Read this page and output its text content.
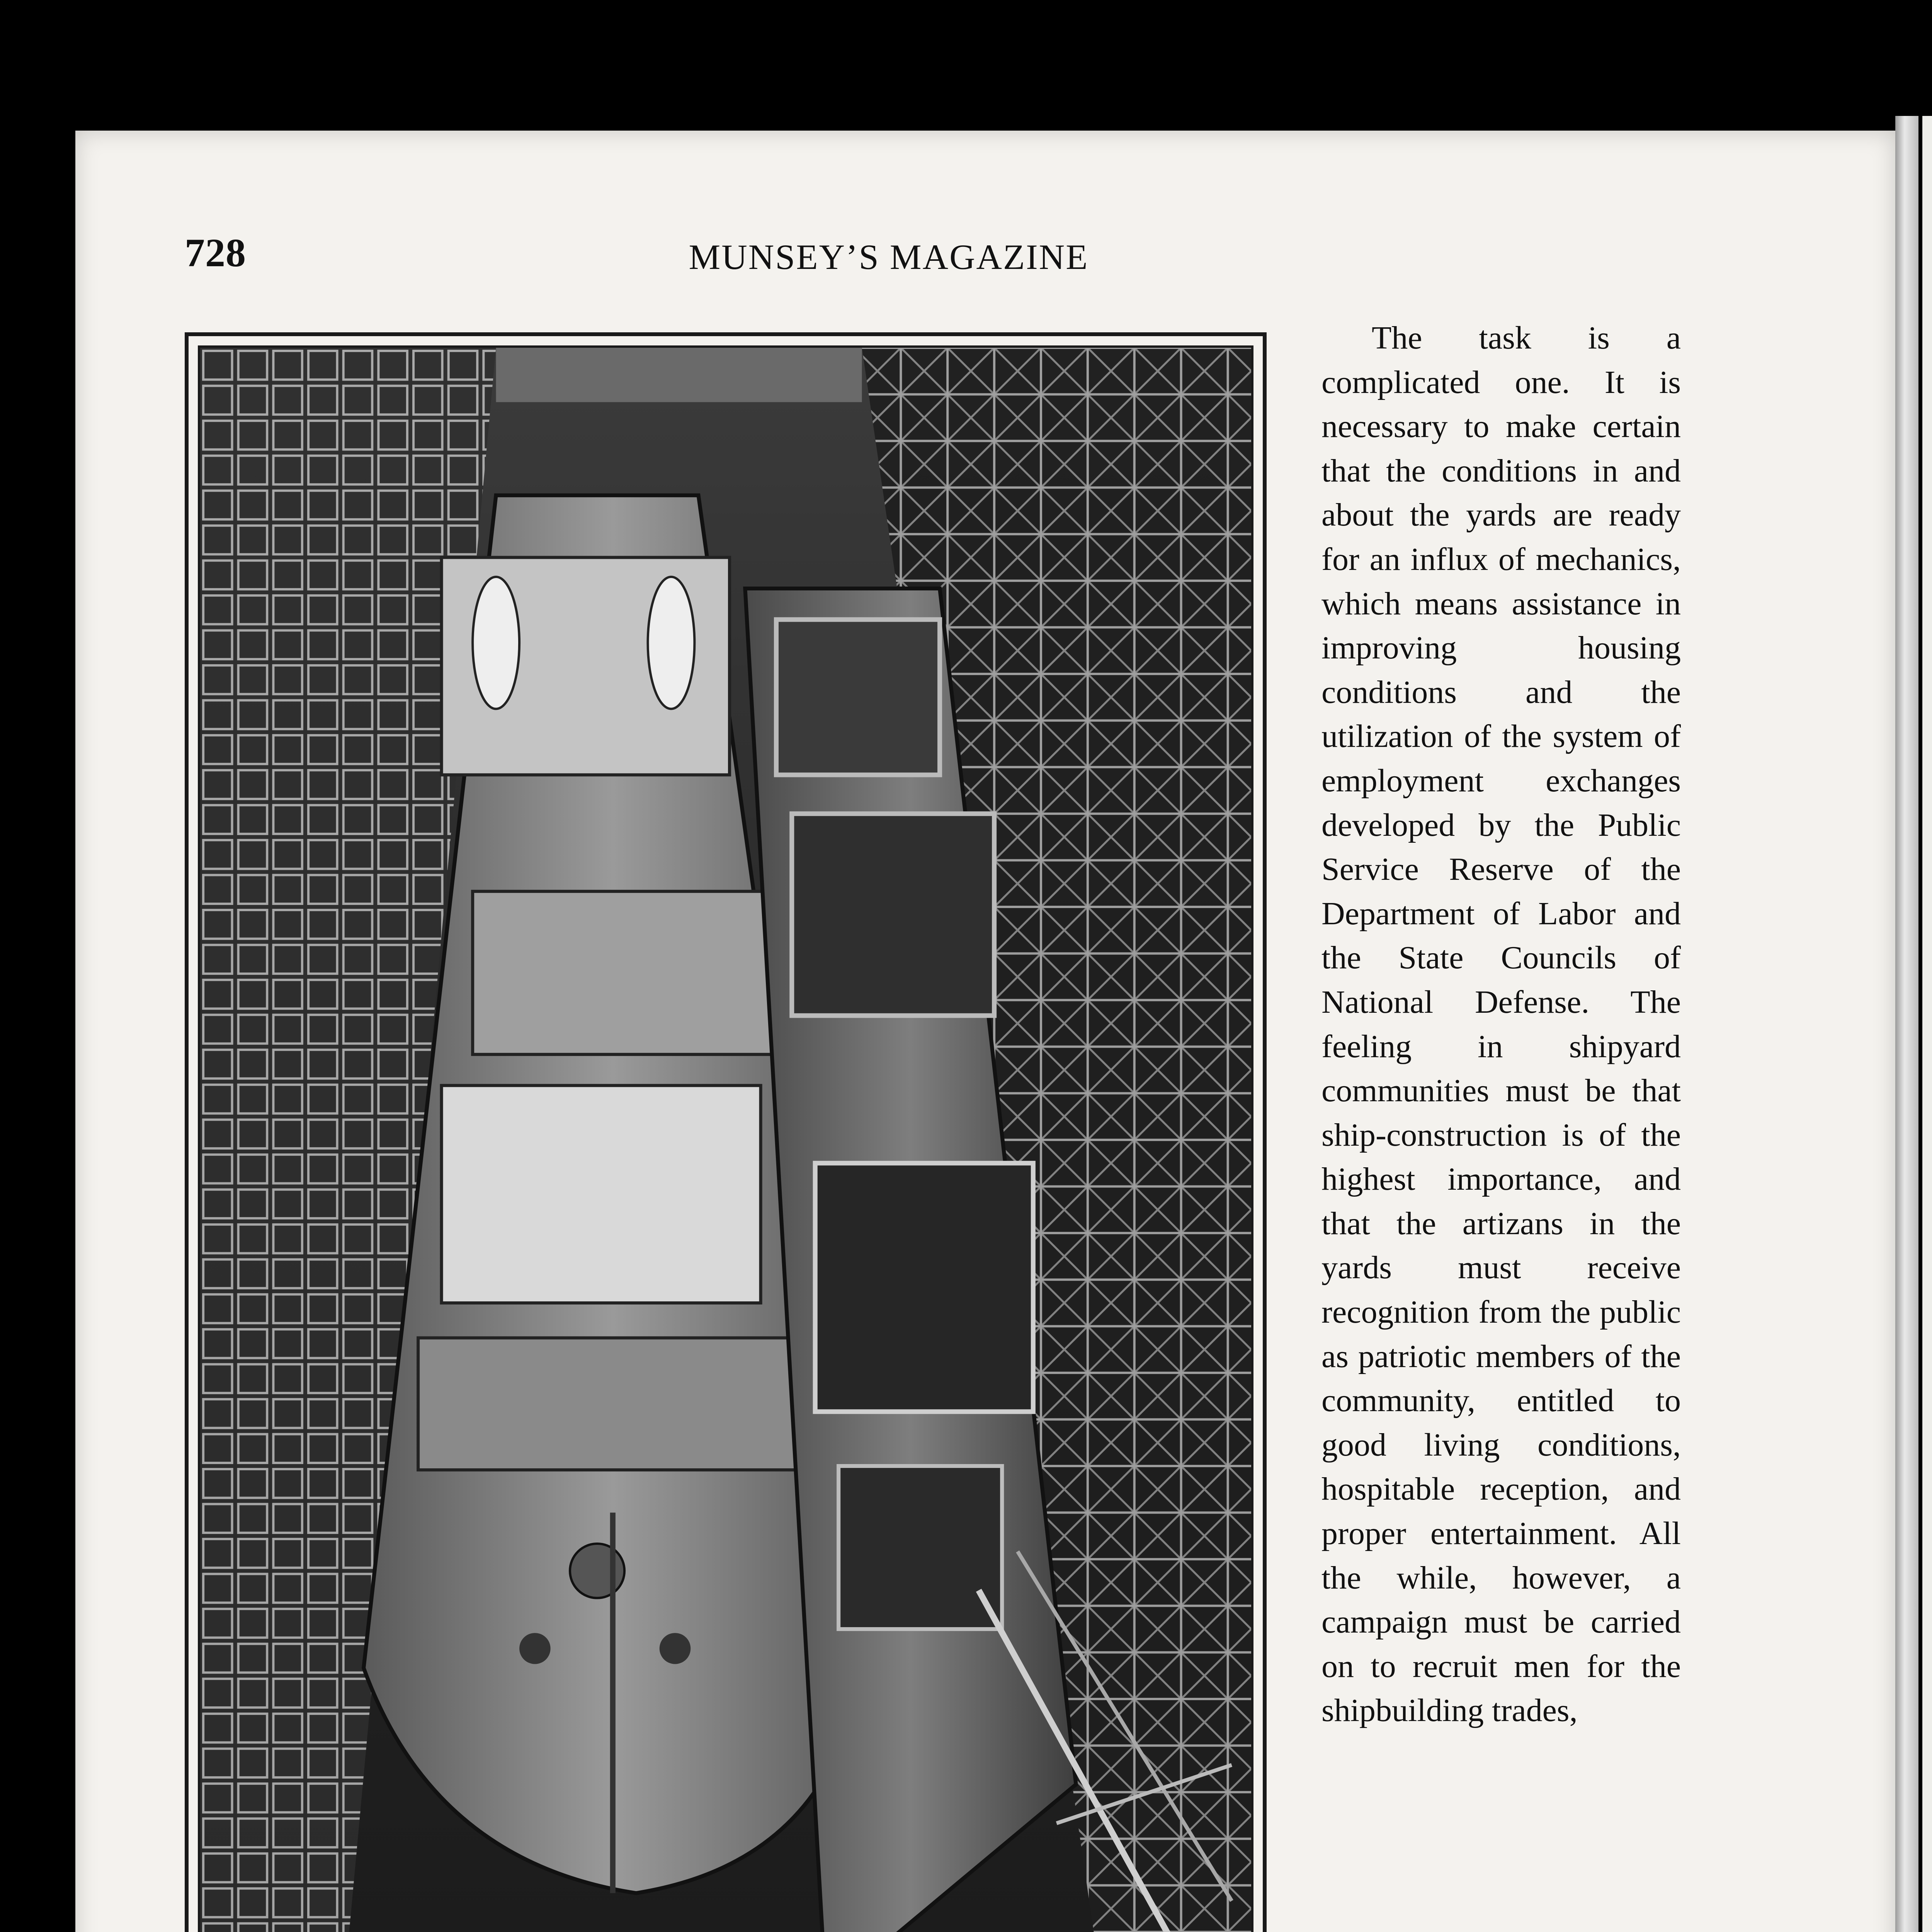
728	MUNSEY’S MAGAZINE

The task is a complicated one. It is necessary to make certain that the conditions in and about the yards are ready for an influx of mechanics, which means assistance in improving housing conditions and the utilization of the system of employment exchanges developed by the Public Service Reserve of the Department of Labor and the State Councils of National Defense. The feeling in shipyard communities must be that ship-construction is of the highest importance, and that the artizans in the yards must receive recognition from the public as patriotic members of the community, entitled to good living conditions, hospitable reception, and proper entertainment. All the while, however, a campaign must be carried on to recruit men for the shipbuilding trades,
